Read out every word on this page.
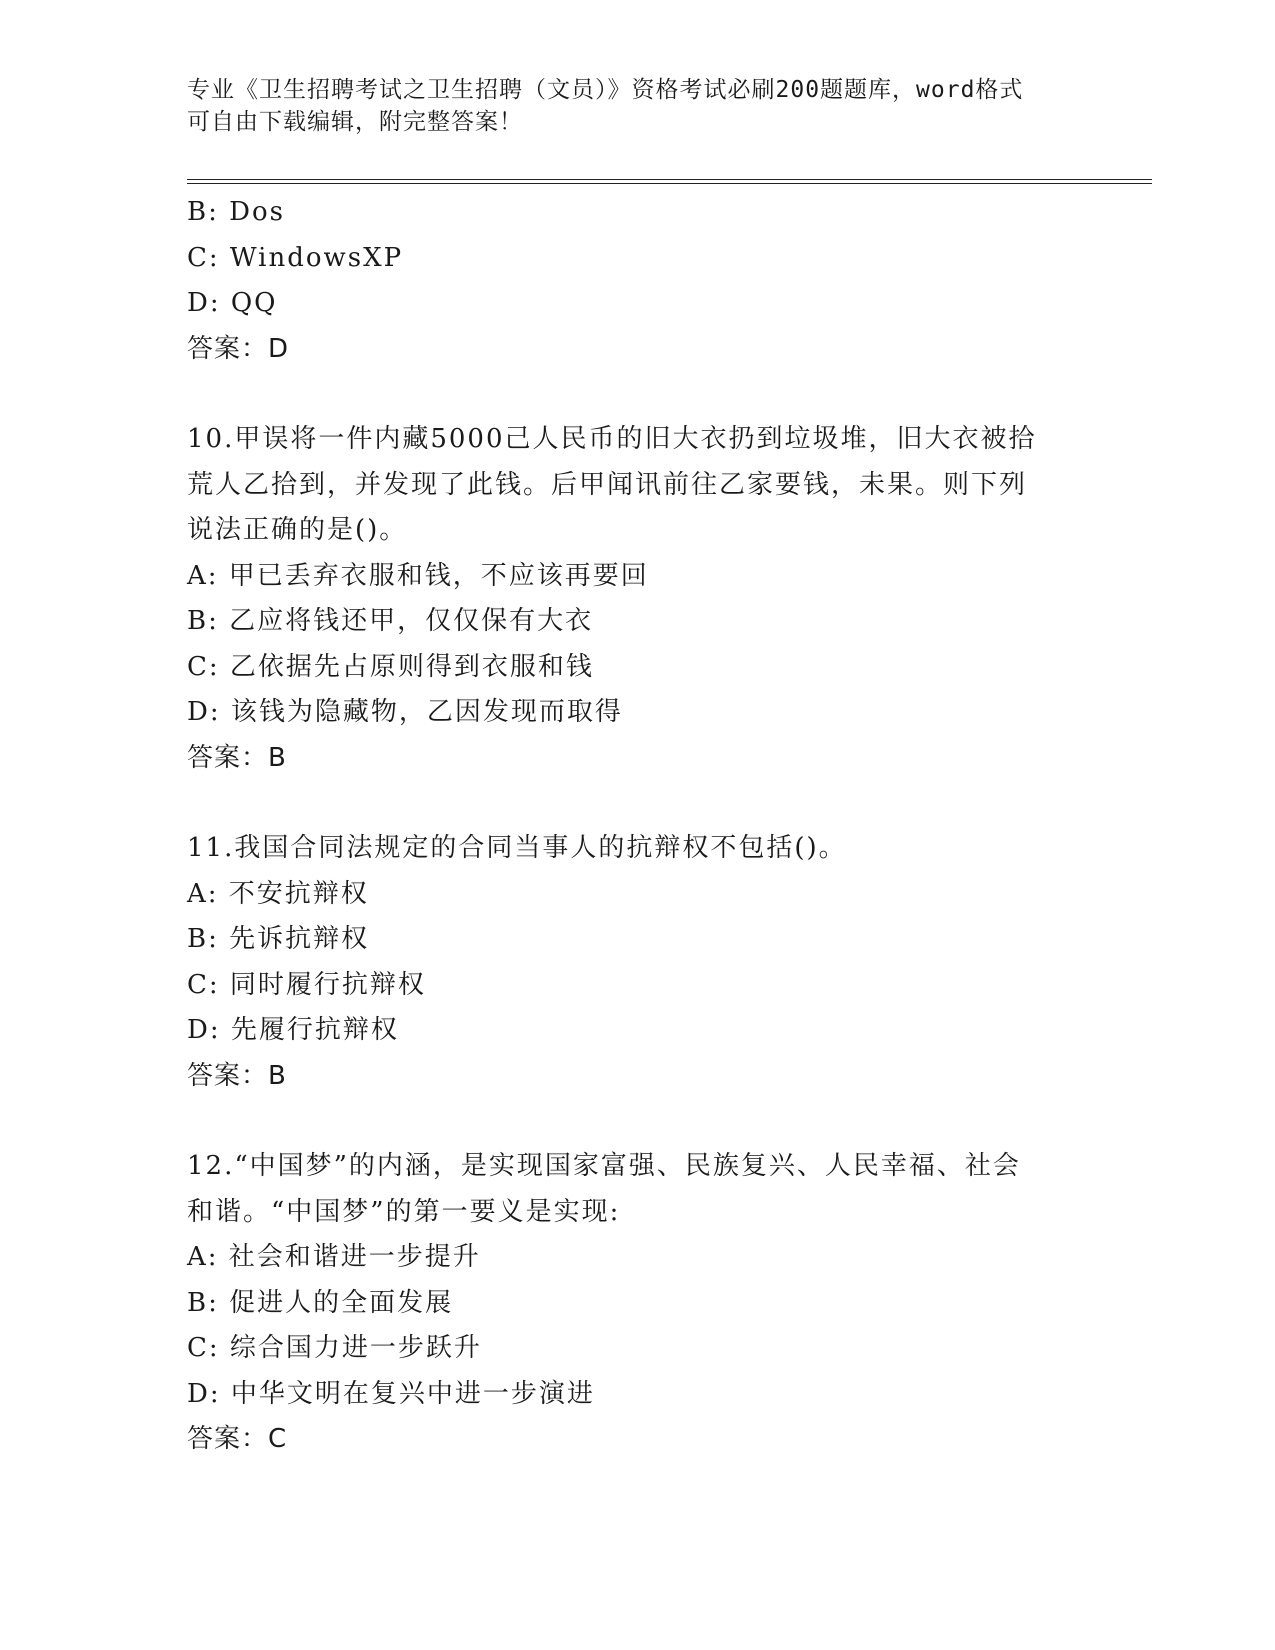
专业《卫生招聘考试之卫生招聘（文员）》资格考试必刷200题题库，word格式
可自由下载编辑，附完整答案！
B: Dos
C: WindowsXP
D: QQ
答案：D
10.甲误将一件内藏5000己人民币的旧大衣扔到垃圾堆，旧大衣被拾
荒人乙拾到，并发现了此钱。后甲闻讯前往乙家要钱，未果。则下列
说法正确的是()。
A: 甲已丢弃衣服和钱，不应该再要回
B: 乙应将钱还甲，仅仅保有大衣
C: 乙依据先占原则得到衣服和钱
D: 该钱为隐藏物，乙因发现而取得
答案：B
11.我国合同法规定的合同当事人的抗辩权不包括()。
A: 不安抗辩权
B: 先诉抗辩权
C: 同时履行抗辩权
D: 先履行抗辩权
答案：B
12.“中国梦”的内涵，是实现国家富强、民族复兴、人民幸福、社会
和谐。“中国梦”的第一要义是实现:
A: 社会和谐进一步提升
B: 促进人的全面发展
C: 综合国力进一步跃升
D: 中华文明在复兴中进一步演进
答案：C
